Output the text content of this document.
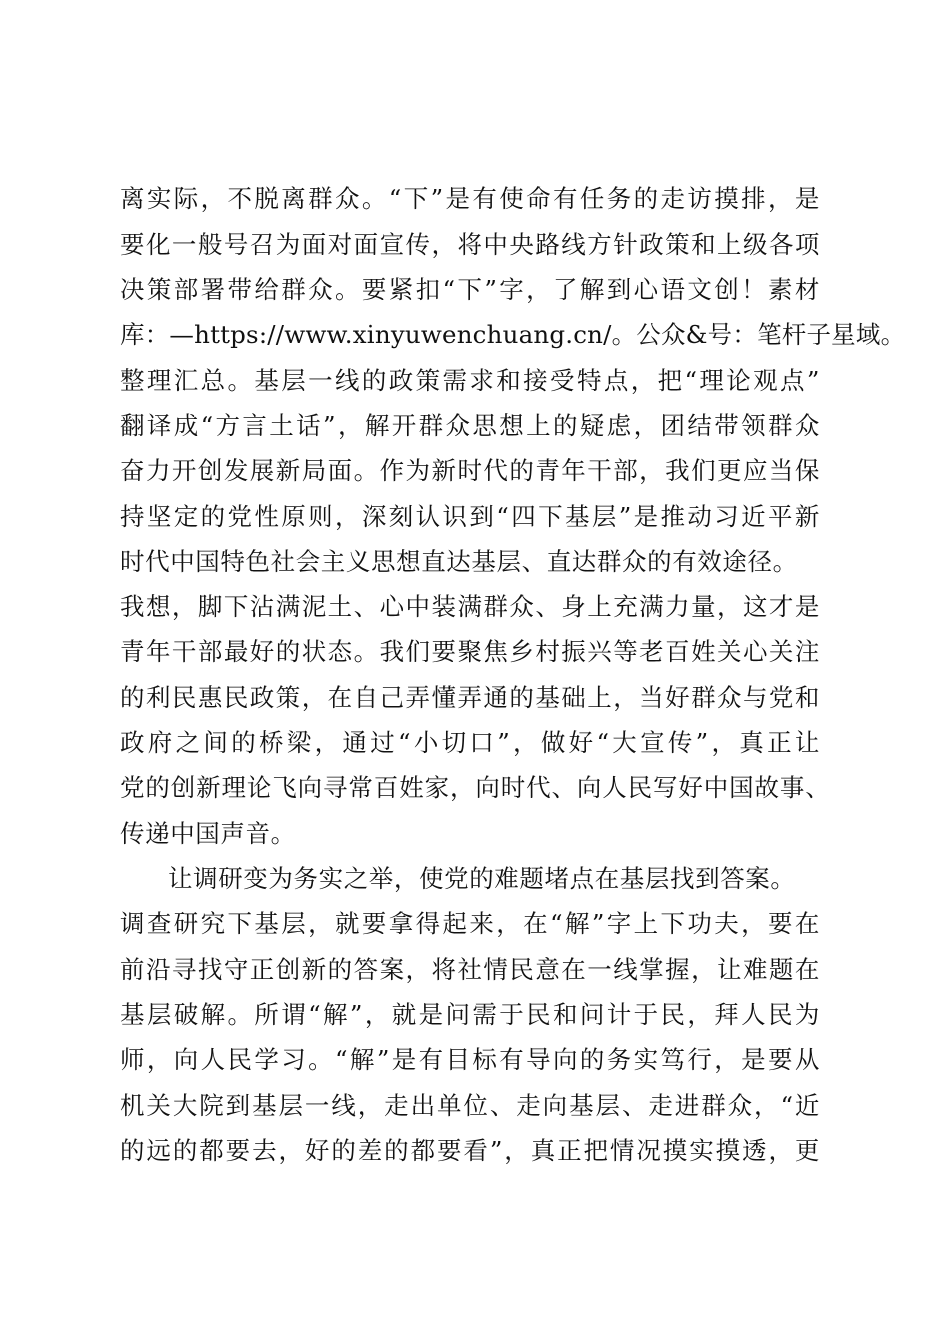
离实际，不脱离群众。“下”是有使命有任务的走访摸排，是
要化一般号召为面对面宣传，将中央路线方针政策和上级各项
决策部署带给群众。要紧扣“下”字，了解到心语文创！素材
库：—https://www.xinyuwenchuang.cn/。公众&号：笔杆子星域。
整理汇总。基层一线的政策需求和接受特点，把“理论观点”
翻译成“方言土话”，解开群众思想上的疑虑，团结带领群众
奋力开创发展新局面。作为新时代的青年干部，我们更应当保
持坚定的党性原则，深刻认识到“四下基层”是推动习近平新
时代中国特色社会主义思想直达基层、直达群众的有效途径。
我想，脚下沾满泥土、心中装满群众、身上充满力量，这才是
青年干部最好的状态。我们要聚焦乡村振兴等老百姓关心关注
的利民惠民政策，在自己弄懂弄通的基础上，当好群众与党和
政府之间的桥梁，通过“小切口”，做好“大宣传”，真正让
党的创新理论飞向寻常百姓家，向时代、向人民写好中国故事、
传递中国声音。
让调研变为务实之举，使党的难题堵点在基层找到答案。
调查研究下基层，就要拿得起来，在“解”字上下功夫，要在
前沿寻找守正创新的答案，将社情民意在一线掌握，让难题在
基层破解。所谓“解”，就是问需于民和问计于民，拜人民为
师，向人民学习。“解”是有目标有导向的务实笃行，是要从
机关大院到基层一线，走出单位、走向基层、走进群众，“近
的远的都要去，好的差的都要看”，真正把情况摸实摸透，更
